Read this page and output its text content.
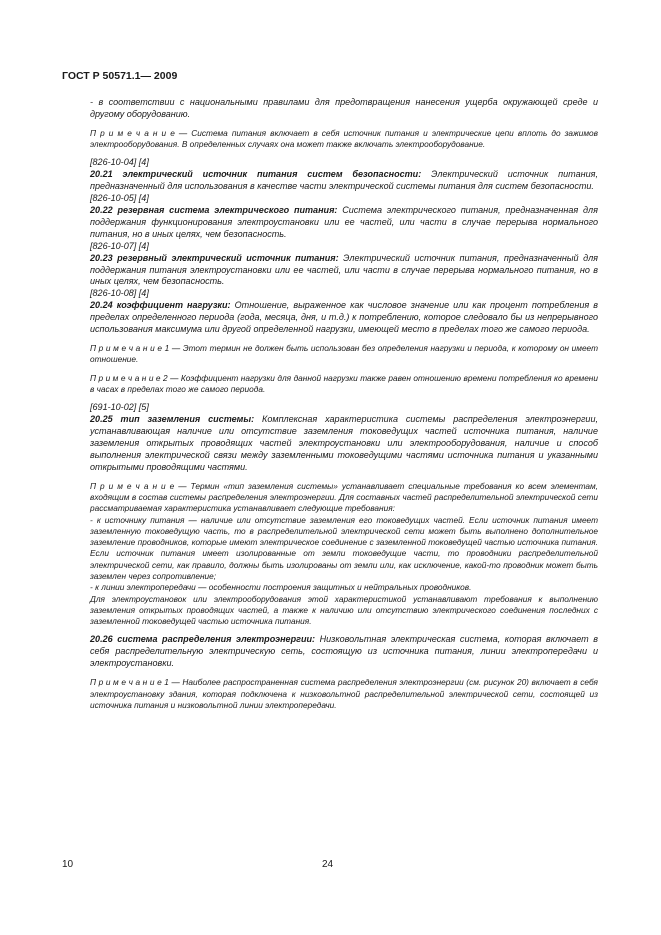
ГОСТ Р 50571.1— 2009

- в соответствии с национальными правилами для предотвращения нанесения ущерба окружающей среде и другому оборудованию.

П р и м е ч а н и е — Система питания включает в себя источник питания и электрические цепи вплоть до зажимов электрооборудования. В определенных случаях она может также включать электрооборудование.

[826-10-04] [4]

20.21 электрический источник питания систем безопасности: Электрический источник питания, предназначенный для использования в качестве части электрической системы питания для систем безопасности.

[826-10-05] [4]

20.22 резервная система электрического питания: Система электрического питания, предназначенная для поддержания функционирования электроустановки или ее частей, или части в случае перерыва нормального питания, но в иных целях, чем безопасность.

[826-10-07] [4]

20.23 резервный электрический источник питания: Электрический источник питания, предназначенный для поддержания питания электроустановки или ее частей, или части в случае перерыва нормального питания, но в иных целях, чем безопасность.

[826-10-08] [4]

20.24 коэффициент нагрузки: Отношение, выраженное как числовое значение или как процент потребления в пределах определенного периода (года, месяца, дня, и т.д.) к потреблению, которое следовало бы из непрерывного использования максимума или другой определенной нагрузки, имеющей место в пределах того же самого периода.

П р и м е ч а н и е 1 — Этот термин не должен быть использован без определения нагрузки и периода, к которому он имеет отношение.

П р и м е ч а н и е 2 — Коэффициент нагрузки для данной нагрузки также равен отношению времени потребления ко времени в часах в пределах того же самого периода.

[691-10-02] [5]

20.25 тип заземления системы: Комплексная характеристика системы распределения электроэнергии, устанавливающая наличие или отсутствие заземления токоведущих частей источника питания, наличие заземления открытых проводящих частей электроустановки или электрооборудования, наличие и способ выполнения электрической связи между заземленными токоведущими частями источника питания и указанными открытыми проводящими частями.

П р и м е ч а н и е — Термин «тип заземления системы» устанавливает специальные требования ко всем элементам, входящим в состав системы распределения электроэнергии. Для составных частей распределительной электрической сети рассматриваемая характеристика устанавливает следующие требования:

- к источнику питания — наличие или отсутствие заземления его токоведущих частей. Если источник питания имеет заземленную токоведущую часть, то в распределительной электрической сети может быть выполнено дополнительное заземление проводников, которые имеют электрическое соединение с заземленной токоведущей частью источника питания. Если источник питания имеет изолированные от земли токоведущие части, то проводники распределительной электрической сети, как правило, должны быть изолированы от земли или, как исключение, какой-то проводник может быть заземлен через сопротивление;

- к линии электропередачи — особенности построения защитных и нейтральных проводников.

Для электроустановок или электрооборудования этой характеристикой устанавливают требования к выполнению заземления открытых проводящих частей, а также к наличию или отсутствию электрического соединения последних с заземленной токоведущей частью источника питания.

20.26 система распределения электроэнергии: Низковольтная электрическая система, которая включает в себя распределительную электрическую сеть, состоящую из источника питания, линии электропередачи и электроустановки.

П р и м е ч а н и е 1 — Наиболее распространенная система распределения электроэнергии (см. рисунок 20) включает в себя электроустановку здания, которая подключена к низковольтной распределительной электрической сети, состоящей из источника питания и низковольтной линии электропередачи.

10	24
